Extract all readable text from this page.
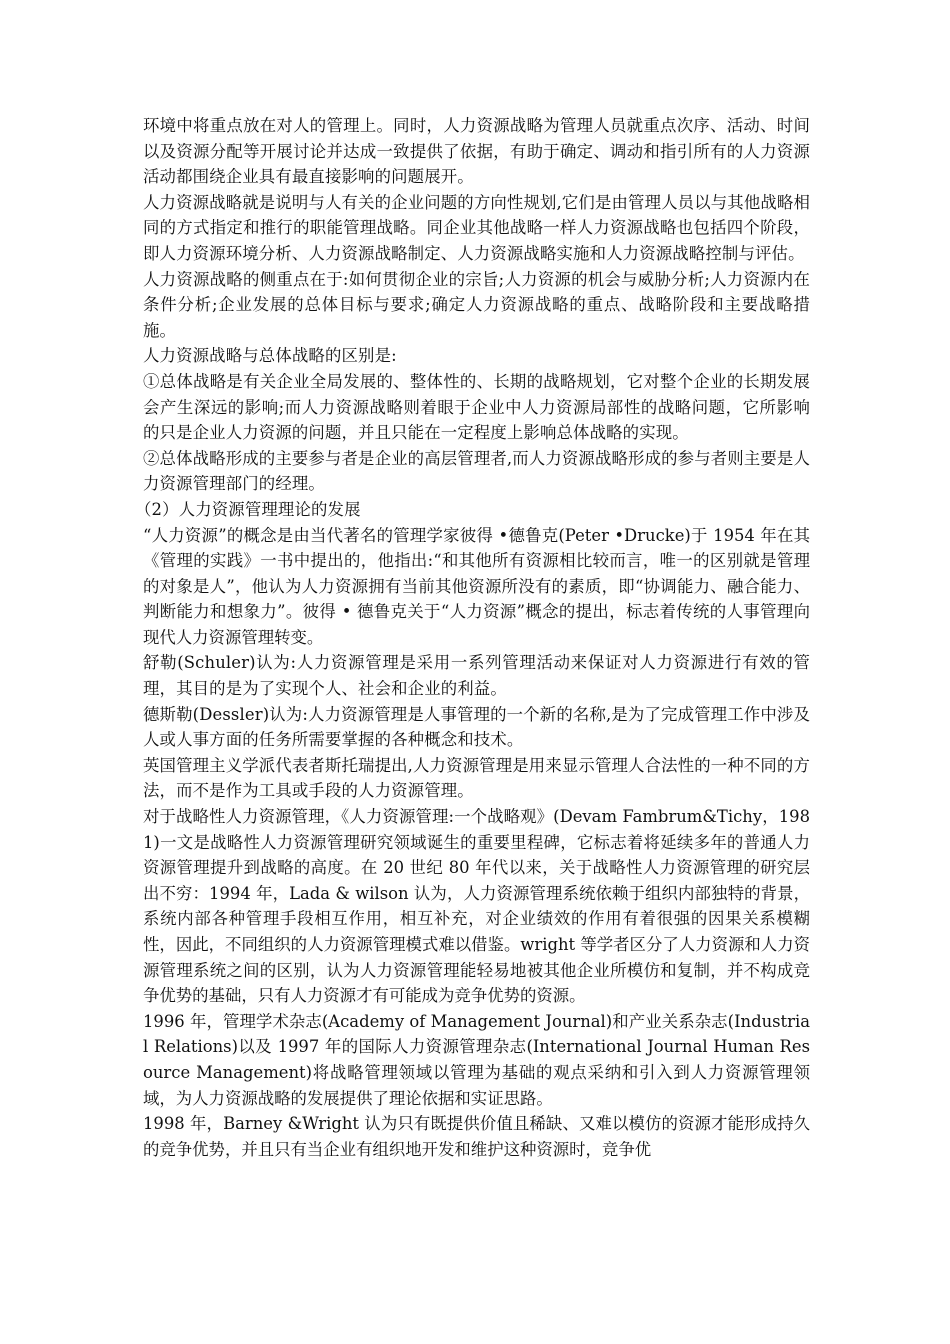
环境中将重点放在对人的管理上。同时，人力资源战略为管理人员就重点次序、活动、时间以及资源分配等开展讨论并达成一致提供了依据，有助于确定、调动和指引所有的人力资源活动都围绕企业具有最直接影响的问题展开。

人力资源战略就是说明与人有关的企业问题的方向性规划,它们是由管理人员以与其他战略相同的方式指定和推行的职能管理战略。同企业其他战略一样人力资源战略也包括四个阶段，即人力资源环境分析、人力资源战略制定、人力资源战略实施和人力资源战略控制与评估。

人力资源战略的侧重点在于:如何贯彻企业的宗旨;人力资源的机会与威胁分析;人力资源内在条件分析;企业发展的总体目标与要求;确定人力资源战略的重点、战略阶段和主要战略措施。

人力资源战略与总体战略的区别是:

①总体战略是有关企业全局发展的、整体性的、长期的战略规划，它对整个企业的长期发展会产生深远的影响;而人力资源战略则着眼于企业中人力资源局部性的战略问题，它所影响的只是企业人力资源的问题，并且只能在一定程度上影响总体战略的实现。

②总体战略形成的主要参与者是企业的高层管理者,而人力资源战略形成的参与者则主要是人力资源管理部门的经理。

（2）人力资源管理理论的发展

“人力资源”的概念是由当代著名的管理学家彼得 •德鲁克(Peter •Drucke)于 1954 年在其《管理的实践》一书中提出的，他指出:“和其他所有资源相比较而言，唯一的区别就是管理的对象是人”，他认为人力资源拥有当前其他资源所没有的素质，即“协调能力、融合能力、判断能力和想象力”。彼得 • 德鲁克关于“人力资源”概念的提出，标志着传统的人事管理向现代人力资源管理转变。

舒勒(Schuler)认为:人力资源管理是采用一系列管理活动来保证对人力资源进行有效的管理，其目的是为了实现个人、社会和企业的利益。

德斯勒(Dessler)认为:人力资源管理是人事管理的一个新的名称,是为了完成管理工作中涉及人或人事方面的任务所需要掌握的各种概念和技术。

英国管理主义学派代表者斯托瑞提出,人力资源管理是用来显示管理人合法性的一种不同的方法，而不是作为工具或手段的人力资源管理。

对于战略性人力资源管理，《人力资源管理:一个战略观》(Devam Fambrum&Tichy，1981)一文是战略性人力资源管理研究领域诞生的重要里程碑，它标志着将延续多年的普通人力资源管理提升到战略的高度。在 20 世纪 80 年代以来，关于战略性人力资源管理的研究层出不穷：1994 年，Lada & wilson 认为，人力资源管理系统依赖于组织内部独特的背景，系统内部各种管理手段相互作用，相互补充，对企业绩效的作用有着很强的因果关系模糊性，因此，不同组织的人力资源管理模式难以借鉴。wright 等学者区分了人力资源和人力资源管理系统之间的区别，认为人力资源管理能轻易地被其他企业所模仿和复制，并不构成竞争优势的基础，只有人力资源才有可能成为竞争优势的资源。

1996 年，管理学术杂志(Academy of Management Journal)和产业关系杂志(Industrial Relations)以及 1997 年的国际人力资源管理杂志(International Journal Human Resource Management)将战略管理领域以管理为基础的观点采纳和引入到人力资源管理领域，为人力资源战略的发展提供了理论依据和实证思路。

1998 年，Barney &Wright 认为只有既提供价值且稀缺、又难以模仿的资源才能形成持久的竞争优势，并且只有当企业有组织地开发和维护这种资源时，竞争优
